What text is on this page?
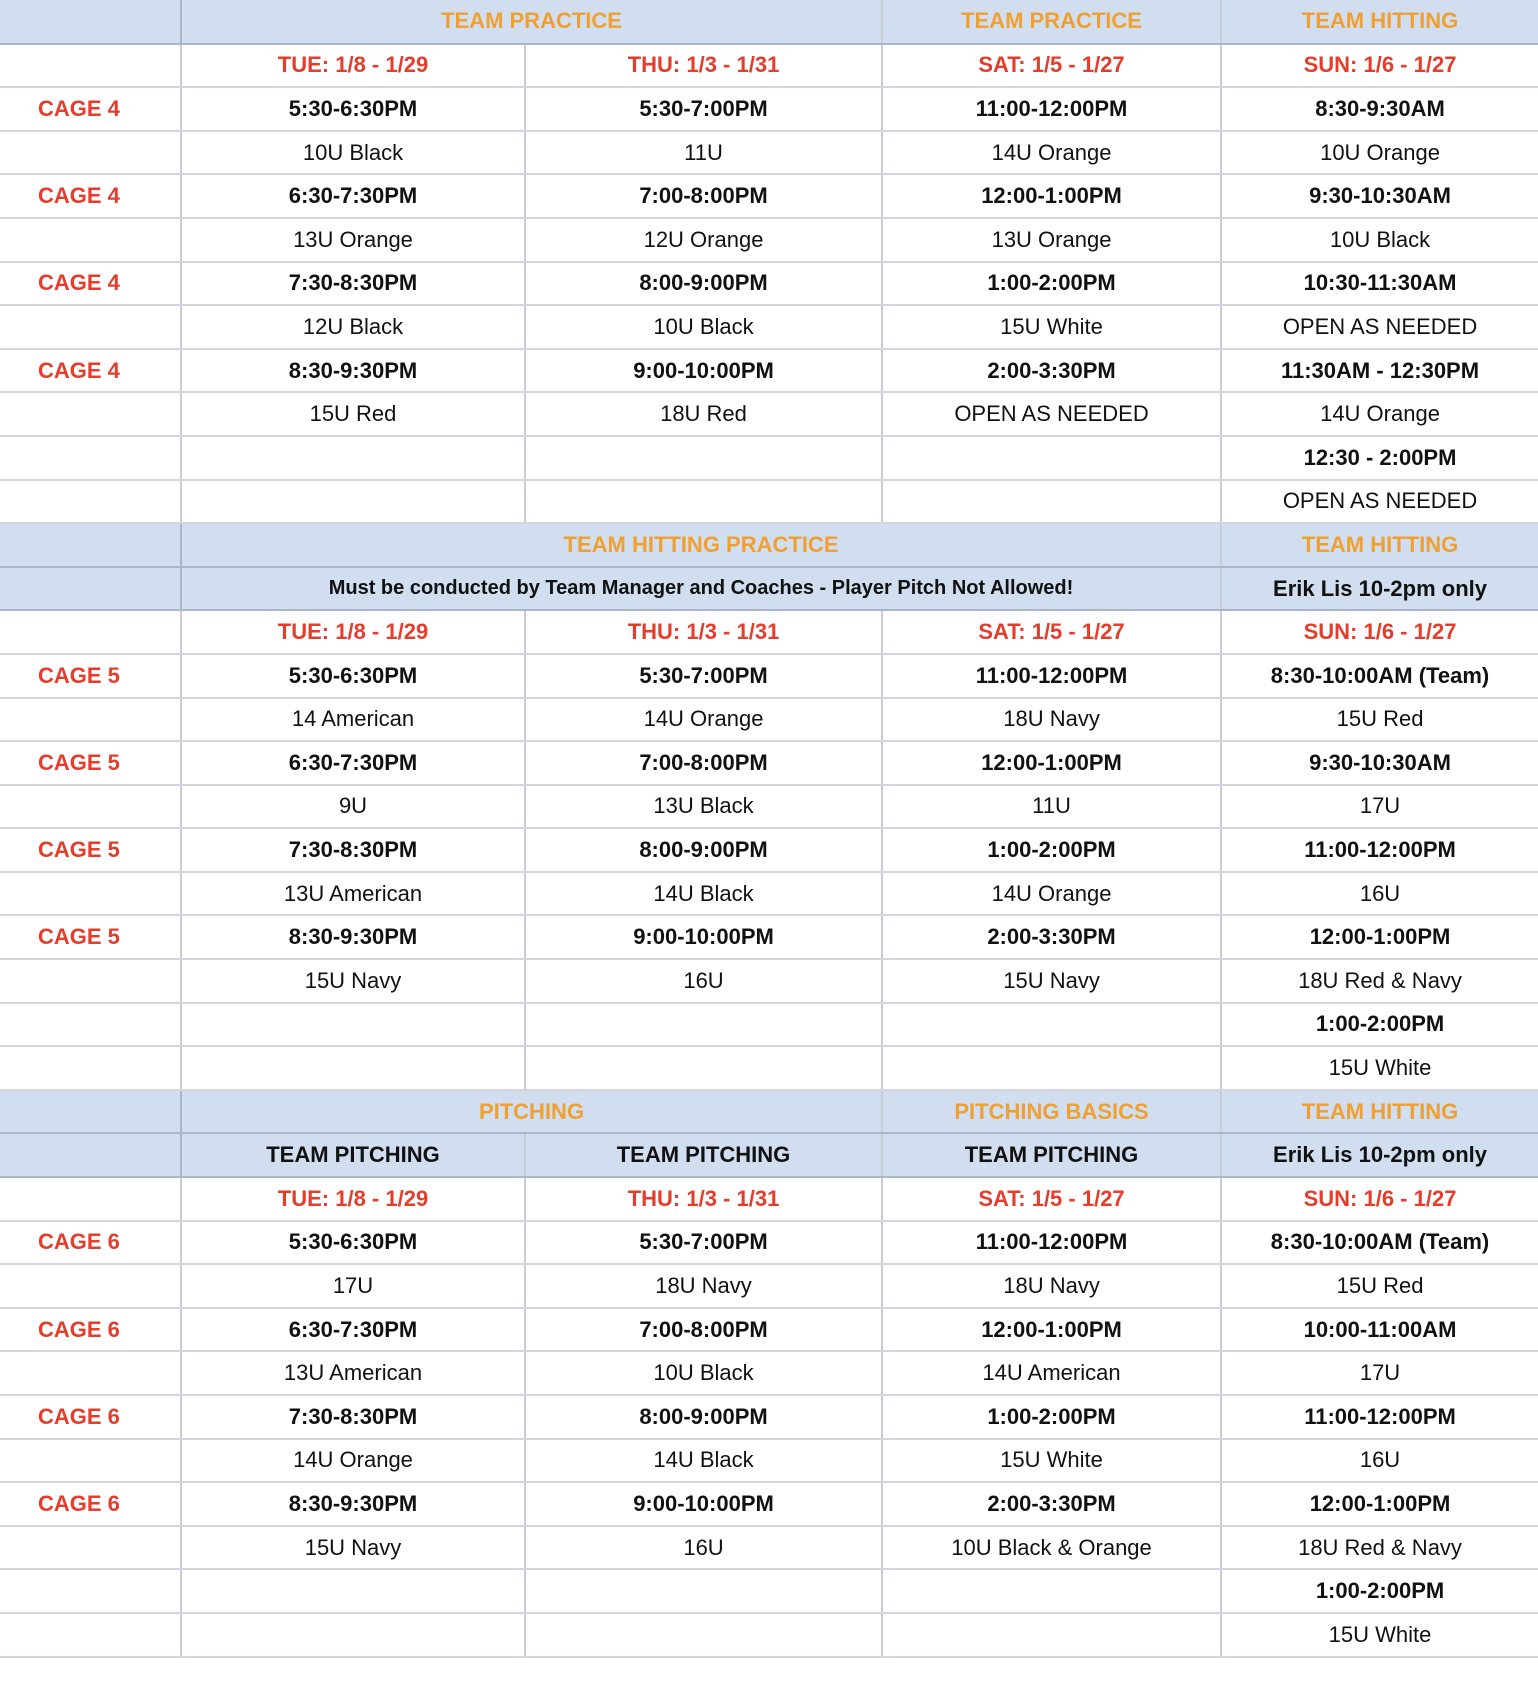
	TEAM PRACTICE		TEAM PRACTICE	TEAM HITTING
	TUE: 1/8 - 1/29	THU: 1/3 - 1/31	SAT: 1/5 - 1/27	SUN: 1/6 - 1/27
CAGE 4	5:30-6:30PM	5:30-7:00PM	11:00-12:00PM	8:30-9:30AM
	10U Black	11U	14U Orange	10U Orange
CAGE 4	6:30-7:30PM	7:00-8:00PM	12:00-1:00PM	9:30-10:30AM
	13U Orange	12U Orange	13U Orange	10U Black
CAGE 4	7:30-8:30PM	8:00-9:00PM	1:00-2:00PM	10:30-11:30AM
	12U Black	10U Black	15U White	OPEN AS NEEDED
CAGE 4	8:30-9:30PM	9:00-10:00PM	2:00-3:30PM	11:30AM - 12:30PM
	15U Red	18U Red	OPEN AS NEEDED	14U Orange
				12:30 - 2:00PM
				OPEN AS NEEDED
	TEAM HITTING PRACTICE			TEAM HITTING
	Must be conducted by Team Manager and Coaches - Player Pitch Not Allowed!			Erik Lis 10-2pm only
	TUE: 1/8 - 1/29	THU: 1/3 - 1/31	SAT: 1/5 - 1/27	SUN: 1/6 - 1/27
CAGE 5	5:30-6:30PM	5:30-7:00PM	11:00-12:00PM	8:30-10:00AM (Team)
	14 American	14U Orange	18U Navy	15U Red
CAGE 5	6:30-7:30PM	7:00-8:00PM	12:00-1:00PM	9:30-10:30AM
	9U	13U Black	11U	17U
CAGE 5	7:30-8:30PM	8:00-9:00PM	1:00-2:00PM	11:00-12:00PM
	13U American	14U Black	14U Orange	16U
CAGE 5	8:30-9:30PM	9:00-10:00PM	2:00-3:30PM	12:00-1:00PM
	15U Navy	16U	15U Navy	18U Red & Navy
				1:00-2:00PM
				15U White
	PITCHING		PITCHING BASICS	TEAM HITTING
	TEAM PITCHING	TEAM PITCHING	TEAM PITCHING	Erik Lis 10-2pm only
	TUE: 1/8 - 1/29	THU: 1/3 - 1/31	SAT: 1/5 - 1/27	SUN: 1/6 - 1/27
CAGE 6	5:30-6:30PM	5:30-7:00PM	11:00-12:00PM	8:30-10:00AM (Team)
	17U	18U Navy	18U Navy	15U Red
CAGE 6	6:30-7:30PM	7:00-8:00PM	12:00-1:00PM	10:00-11:00AM
	13U American	10U Black	14U American	17U
CAGE 6	7:30-8:30PM	8:00-9:00PM	1:00-2:00PM	11:00-12:00PM
	14U Orange	14U Black	15U White	16U
CAGE 6	8:30-9:30PM	9:00-10:00PM	2:00-3:30PM	12:00-1:00PM
	15U Navy	16U	10U Black & Orange	18U Red & Navy
				1:00-2:00PM
				15U White
